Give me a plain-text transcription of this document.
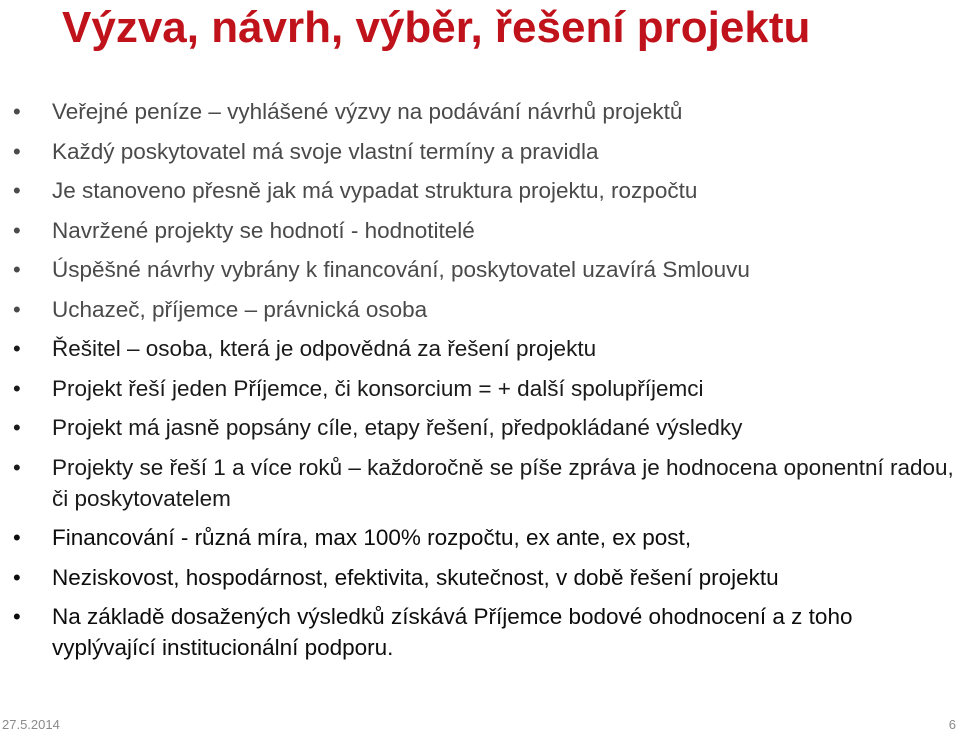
Výzva, návrh, výběr, řešení projektu
• Veřejné peníze – vyhlášené výzvy na podávání návrhů projektů
• Každý poskytovatel má svoje vlastní termíny a pravidla
• Je stanoveno přesně jak má vypadat struktura projektu, rozpočtu
• Navržené projekty se hodnotí - hodnotitelé
• Úspěšné návrhy vybrány k financování, poskytovatel uzavírá Smlouvu
• Uchazeč, příjemce – právnická osoba
• Řešitel – osoba, která je odpovědná za řešení projektu
• Projekt řeší jeden Příjemce, či konsorcium = + další spolupříjemci
• Projekt má jasně popsány cíle, etapy řešení, předpokládané výsledky
• Projekty se řeší 1 a více roků – každoročně se píše zpráva je hodnocena oponentní radou, či poskytovatelem
• Financování - různá míra, max 100% rozpočtu, ex ante, ex post,
• Neziskovost, hospodárnost, efektivita, skutečnost, v době řešení projektu
• Na základě dosažených výsledků získává Příjemce bodové ohodnocení a z toho vyplývající institucionální podporu.
27.5.2014	6
